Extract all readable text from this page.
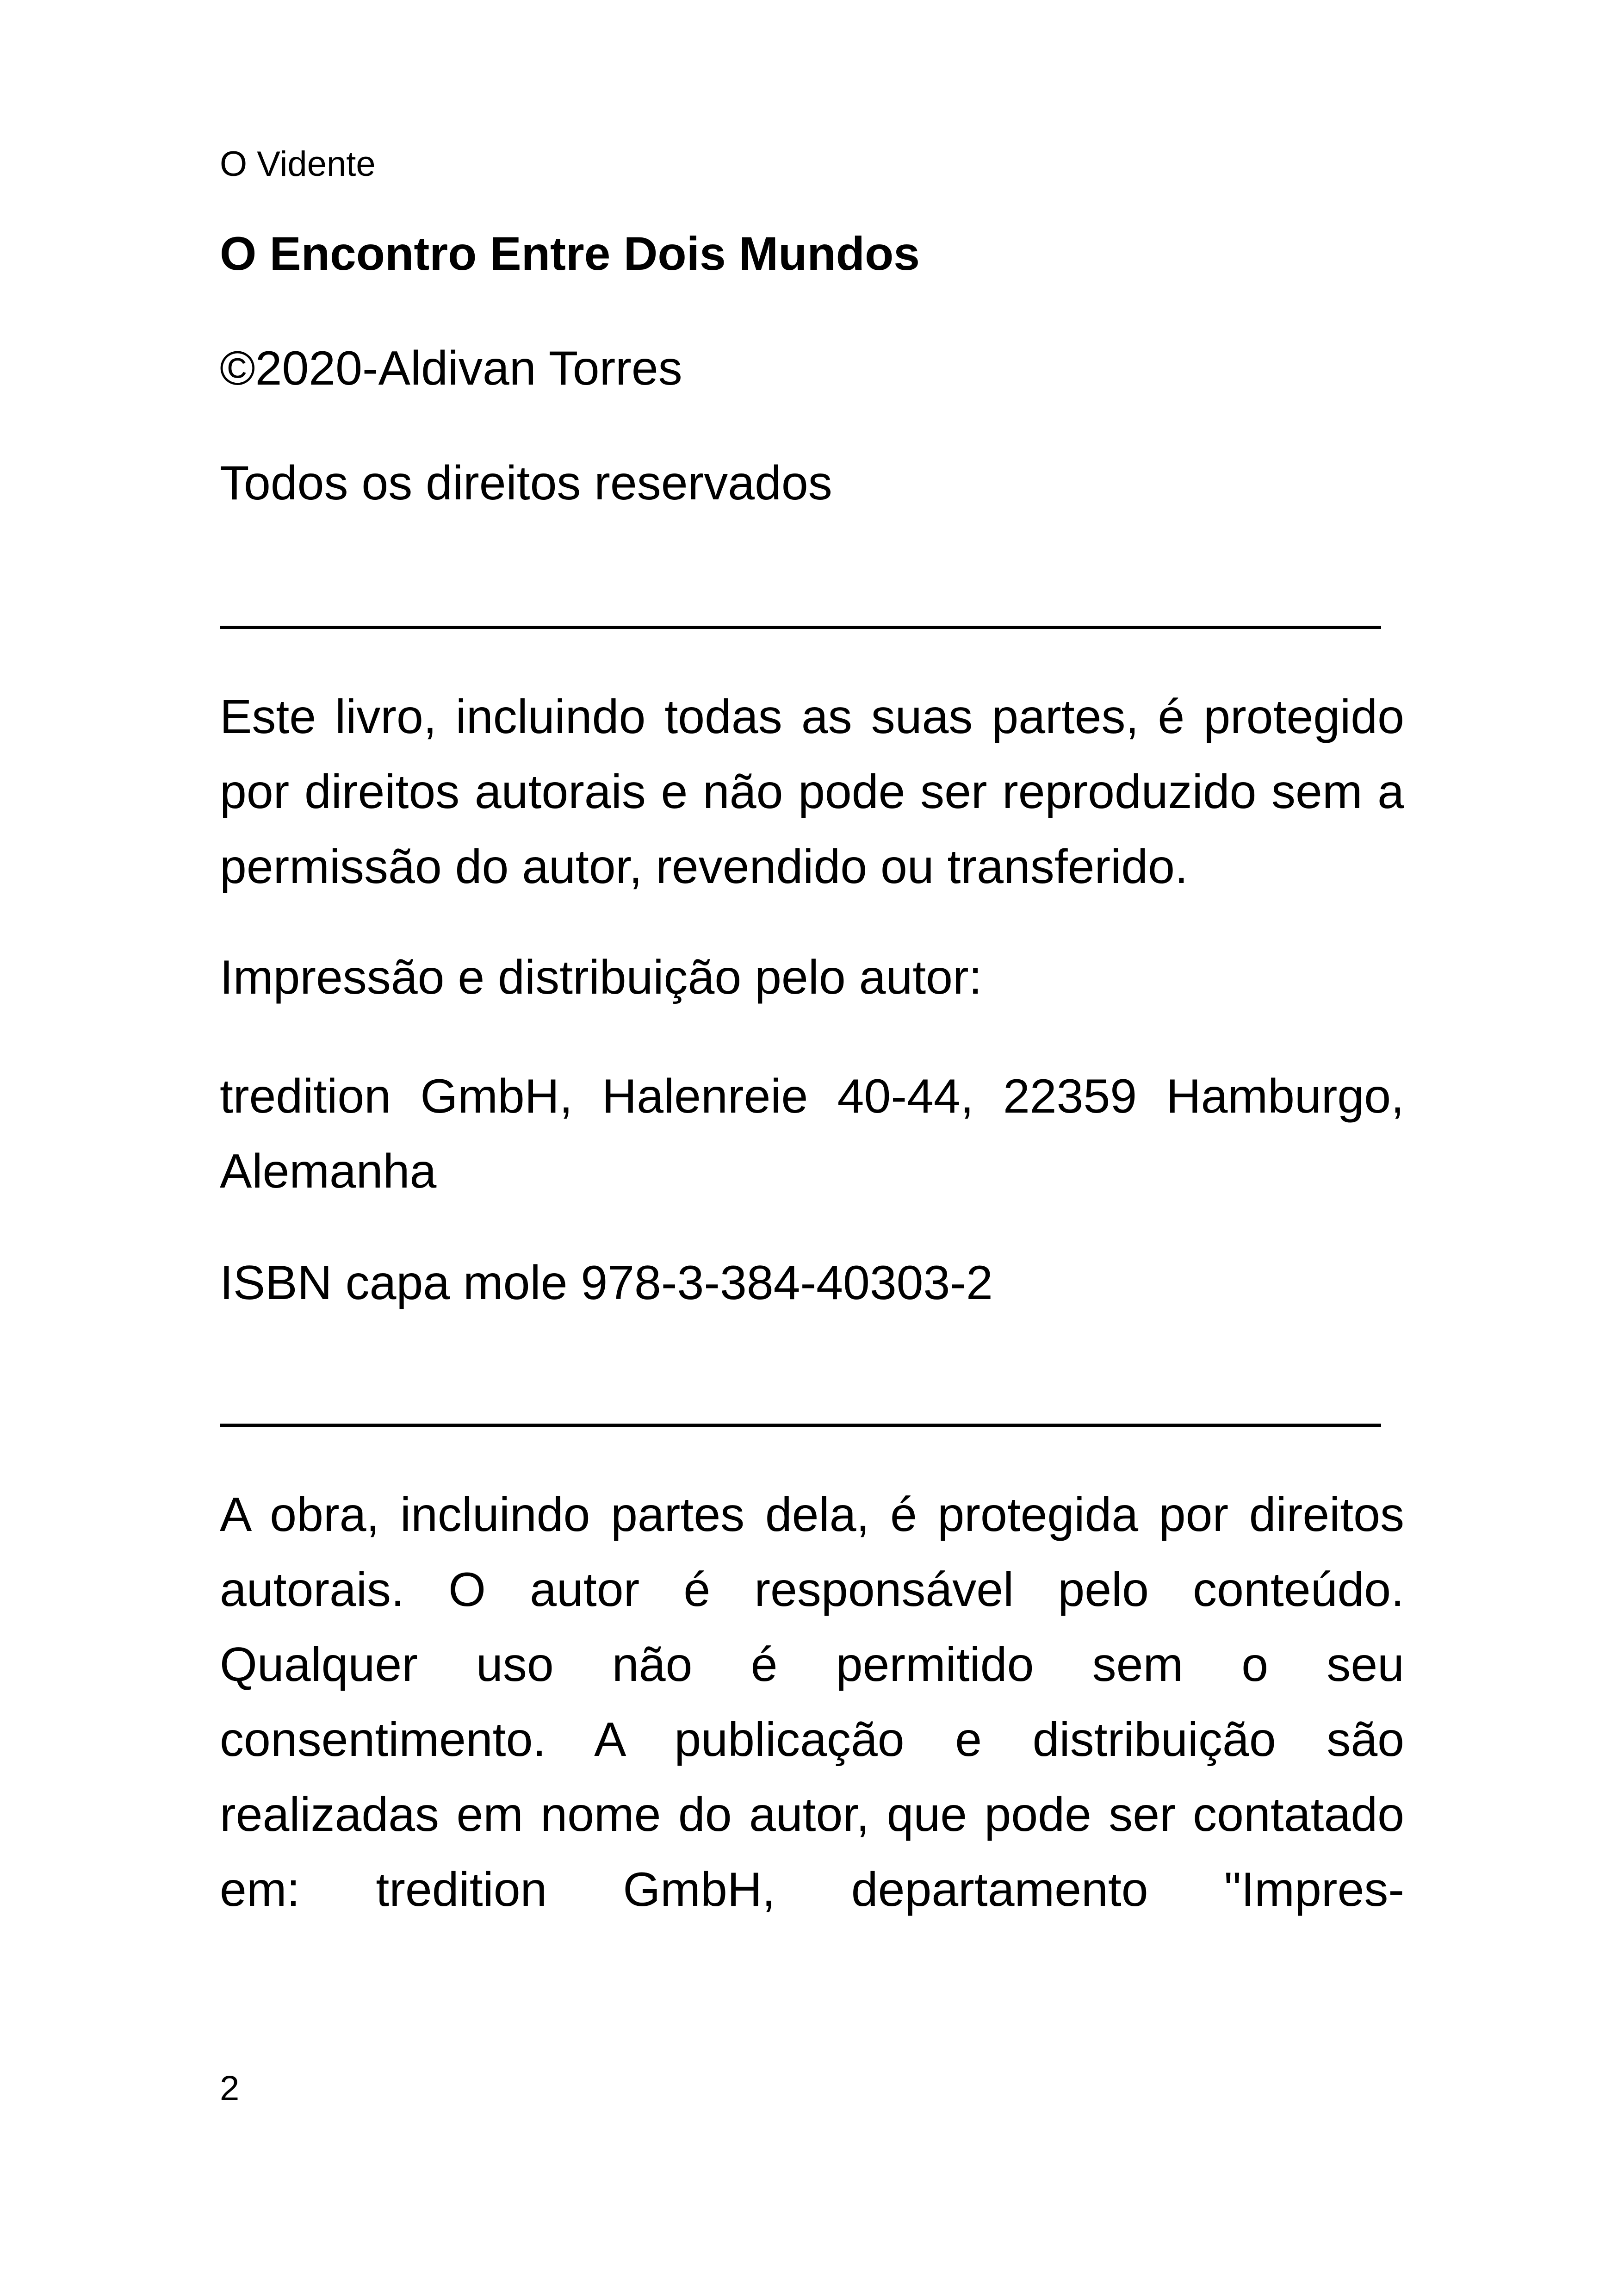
O Vidente

O Encontro Entre Dois Mundos

©2020-Aldivan Torres

Todos os direitos reservados

Este livro, incluindo todas as suas partes, é protegido por direitos autorais e não pode ser reproduzido sem a permissão do autor, revendido ou transferido.

Impressão e distribuição pelo autor:

tredition GmbH, Halenreie 40-44, 22359 Hamburgo, Alemanha

ISBN capa mole 978-3-384-40303-2

A obra, incluindo partes dela, é protegida por direitos autorais. O autor é responsável pelo conteúdo. Qualquer uso não é permitido sem o seu consentimento. A publicação e distribuição são realizadas em nome do autor, que pode ser contatado em: tredition GmbH, departamento "Impres-

2
